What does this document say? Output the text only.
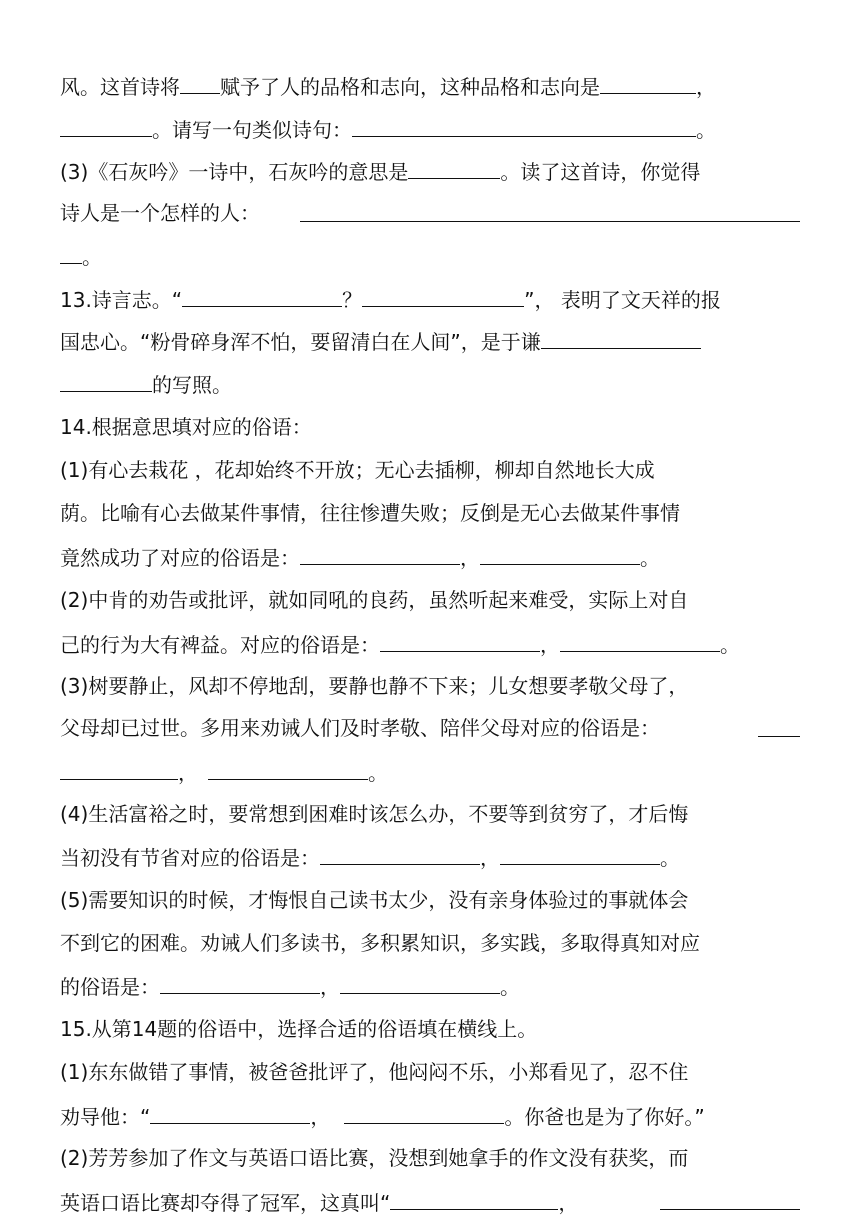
风。这首诗将 赋予了人的品格和志向，这种品格和志向是	，
。请写一句类似诗句：	。
(3)《石灰吟》一诗中，石灰吟的意思是	。读了这首诗，你觉得
诗人是一个怎样的人：
。
13.诗言志。“	？	”， 表明了文天祥的报
国忠心。“粉骨碎身浑不怕，要留清白在人间”，是于谦
的写照。
14.根据意思填对应的俗语：
(1)有心去栽花 ，花却始终不开放；无心去插柳，柳却自然地长大成
荫。比喻有心去做某件事情，往往惨遭失败；反倒是无心去做某件事情
竟然成功了对应的俗语是：	，	。
(2)中肯的劝告或批评，就如同吼的良药，虽然听起来难受，实际上对自
己的行为大有裨益。对应的俗语是：	，	。
(3)树要静止，风却不停地刮，要静也静不下来；儿女想要孝敬父母了，
父母却已过世。多用来劝诫人们及时孝敬、陪伴父母对应的俗语是：
，	。
(4)生活富裕之时，要常想到困难时该怎么办，不要等到贫穷了，才后悔
当初没有节省对应的俗语是：	，	。
(5)需要知识的时候，才悔恨自己读书太少，没有亲身体验过的事就体会
不到它的困难。劝诫人们多读书，多积累知识，多实践，多取得真知对应
的俗语是：	，	。
15.从第14题的俗语中，选择合适的俗语填在横线上。
(1)东东做错了事情，被爸爸批评了，他闷闷不乐，小郑看见了，忍不住
劝导他：“	，	。你爸也是为了你好。”
(2)芳芳参加了作文与英语口语比赛，没想到她拿手的作文没有获奖，而
英语口语比赛却夺得了冠军，这真叫“	，
